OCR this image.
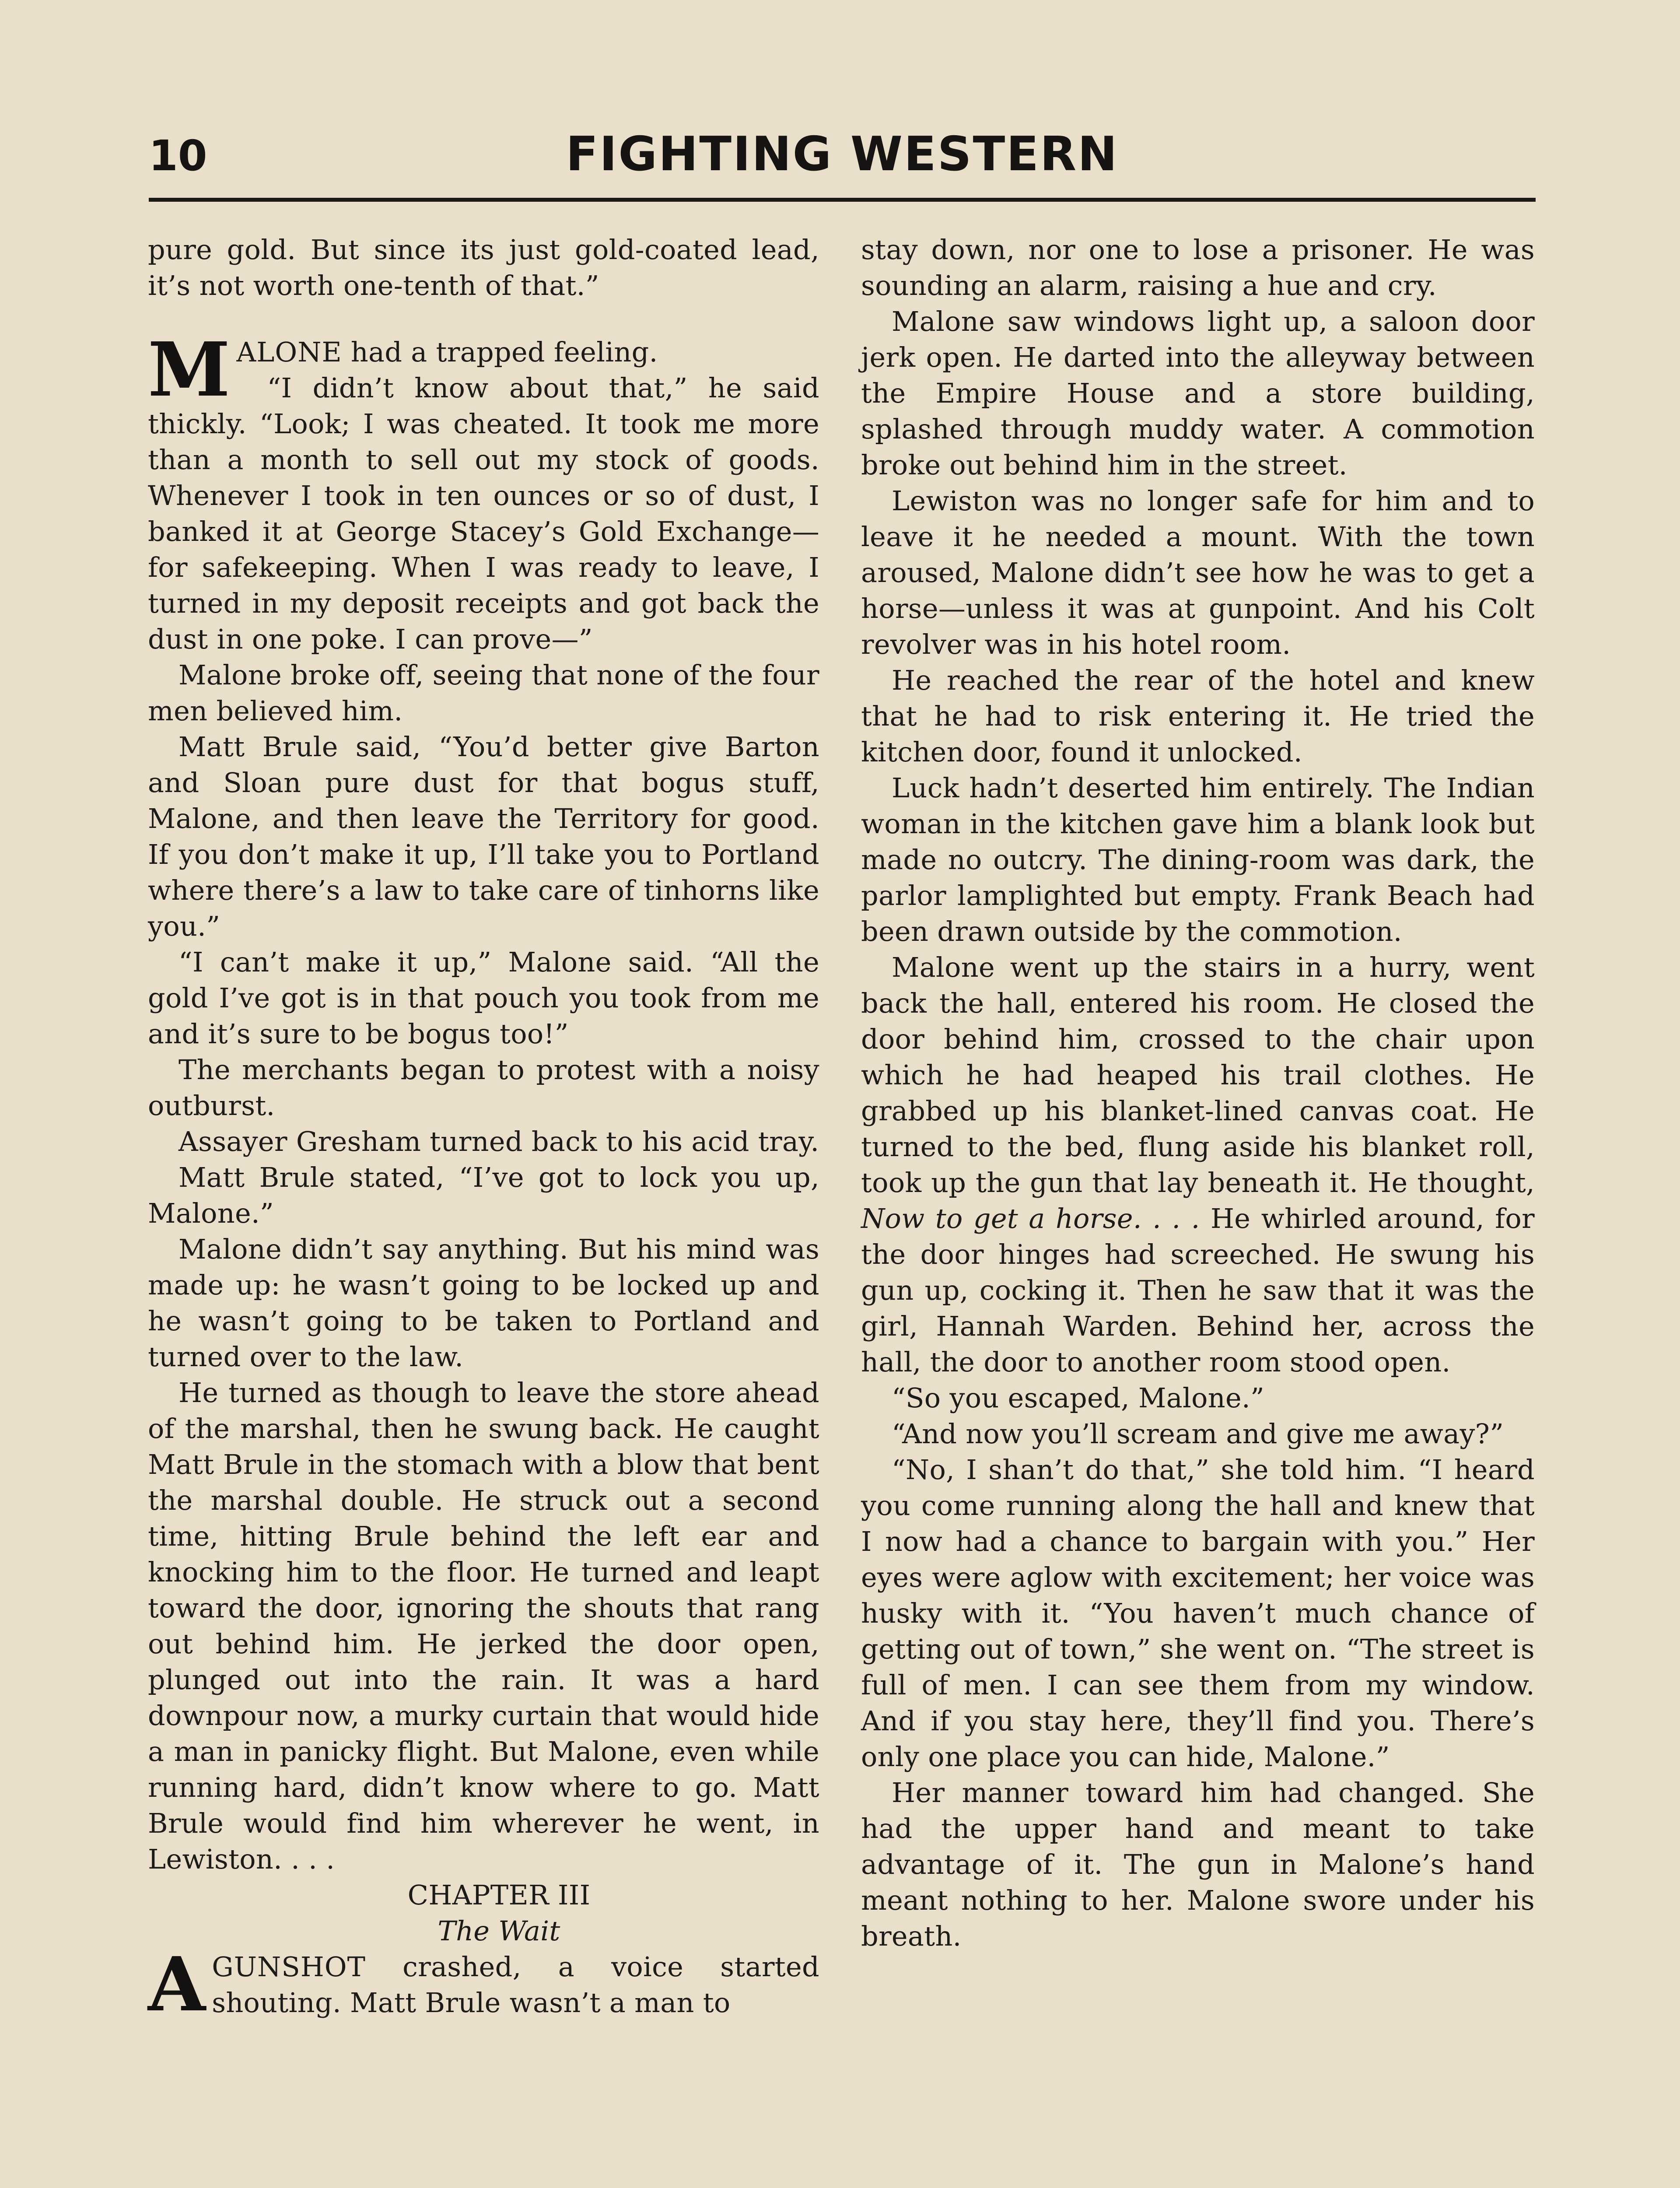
10	FIGHTING WESTERN

pure gold. But since its just gold-coated lead, it’s not worth one-tenth of that.”

MALONE had a trapped feeling.

“I didn’t know about that,” he said thickly. “Look; I was cheated. It took me more than a month to sell out my stock of goods. Whenever I took in ten ounces or so of dust, I banked it at George Stacey’s Gold Exchange—for safekeeping. When I was ready to leave, I turned in my deposit receipts and got back the dust in one poke. I can prove—”

Malone broke off, seeing that none of the four men believed him.

Matt Brule said, “You’d better give Barton and Sloan pure dust for that bogus stuff, Malone, and then leave the Territory for good. If you don’t make it up, I’ll take you to Portland where there’s a law to take care of tinhorns like you.”

“I can’t make it up,” Malone said. “All the gold I’ve got is in that pouch you took from me and it’s sure to be bogus too!”

The merchants began to protest with a noisy outburst.

Assayer Gresham turned back to his acid tray.

Matt Brule stated, “I’ve got to lock you up, Malone.”

Malone didn’t say anything. But his mind was made up: he wasn’t going to be locked up and he wasn’t going to be taken to Portland and turned over to the law.

He turned as though to leave the store ahead of the marshal, then he swung back. He caught Matt Brule in the stomach with a blow that bent the marshal double. He struck out a second time, hitting Brule behind the left ear and knocking him to the floor. He turned and leapt toward the door, ignoring the shouts that rang out behind him. He jerked the door open, plunged out into the rain. It was a hard downpour now, a murky curtain that would hide a man in panicky flight. But Malone, even while running hard, didn’t know where to go. Matt Brule would find him wherever he went, in Lewiston. . . .

CHAPTER III

The Wait

AGUNSHOT crashed, a voice started shouting. Matt Brule wasn’t a man to

stay down, nor one to lose a prisoner. He was sounding an alarm, raising a hue and cry.

Malone saw windows light up, a saloon door jerk open. He darted into the alleyway between the Empire House and a store building, splashed through muddy water. A commotion broke out behind him in the street.

Lewiston was no longer safe for him and to leave it he needed a mount. With the town aroused, Malone didn’t see how he was to get a horse—unless it was at gunpoint. And his Colt revolver was in his hotel room.

He reached the rear of the hotel and knew that he had to risk entering it. He tried the kitchen door, found it unlocked.

Luck hadn’t deserted him entirely. The Indian woman in the kitchen gave him a blank look but made no outcry. The dining-room was dark, the parlor lamplighted but empty. Frank Beach had been drawn outside by the commotion.

Malone went up the stairs in a hurry, went back the hall, entered his room. He closed the door behind him, crossed to the chair upon which he had heaped his trail clothes. He grabbed up his blanket-lined canvas coat. He turned to the bed, flung aside his blanket roll, took up the gun that lay beneath it. He thought, Now to get a horse. . . . He whirled around, for the door hinges had screeched. He swung his gun up, cocking it. Then he saw that it was the girl, Hannah Warden. Behind her, across the hall, the door to another room stood open.

“So you escaped, Malone.”

“And now you’ll scream and give me away?”

“No, I shan’t do that,” she told him. “I heard you come running along the hall and knew that I now had a chance to bargain with you.” Her eyes were aglow with excitement; her voice was husky with it. “You haven’t much chance of getting out of town,” she went on. “The street is full of men. I can see them from my window. And if you stay here, they’ll find you. There’s only one place you can hide, Malone.”

Her manner toward him had changed. She had the upper hand and meant to take advantage of it. The gun in Malone’s hand meant nothing to her. Malone swore under his breath.
